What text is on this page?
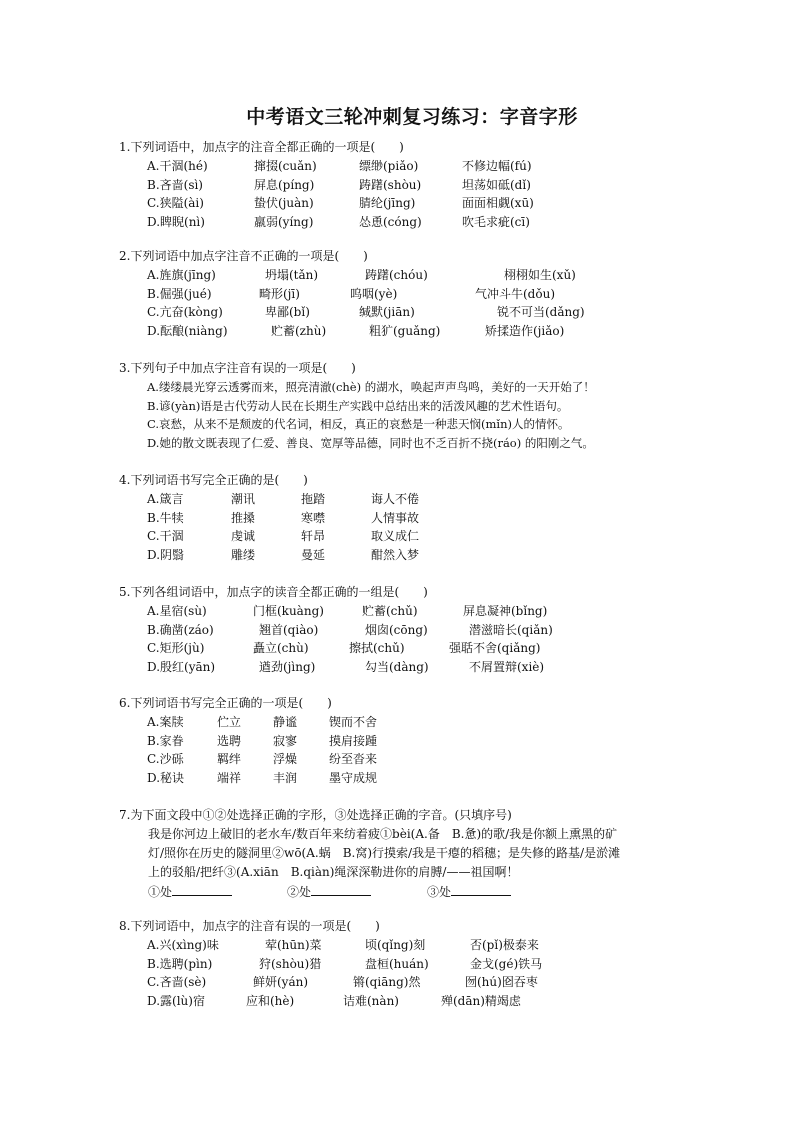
中考语文三轮冲刺复习练习：字音字形
1.下列词语中，加点字的注音全都正确的一项是(　　)
A.干涸(hé)	撺掇(cuǎn)	缥缈(piǎo)	不修边幅(fú)
B.吝啬(sì)	屏息(píng)	踌躇(shòu)	坦荡如砥(dǐ)
C.狭隘(ài)	蛰伏(juàn)	腈纶(jīng)	面面相觑(xū)
D.睥睨(nì)	羸弱(yíng)	怂恿(cóng)	吹毛求疵(cī)
2.下列词语中加点字注音不正确的一项是(　　)
A.旌旗(jīng)	坍塌(tǎn)	踌躇(chóu)	栩栩如生(xǔ)
B.倔强(jué)	畸形(jī)	呜咽(yè)	气冲斗牛(dǒu)
C.亢奋(kòng)	卑鄙(bǐ)	缄默(jiān)	锐不可当(dǎng)
D.酝酿(niàng)	贮蓄(zhù)	粗犷(guǎng)	矫揉造作(jiǎo)
3.下列句子中加点字注音有误的一项是(　　)
A.缕缕晨光穿云透雾而来，照亮清澈(chè) 的湖水，唤起声声鸟鸣，美好的一天开始了！
B.谚(yàn)语是古代劳动人民在长期生产实践中总结出来的活泼风趣的艺术性语句。
C.哀愁，从来不是颓废的代名词，相反，真正的哀愁是一种悲天悯(mǐn)人的情怀。
D.她的散文既表现了仁爱、善良、宽厚等品德，同时也不乏百折不挠(ráo) 的阳刚之气。
4.下列词语书写完全正确的是(　　)
A.箴言	潮讯	拖踏	诲人不倦
B.牛犊	推搡	寒噤	人情事故
C.干涸	虔诚	轩昂	取义成仁
D.阴翳	雕缕	曼延	酣然入梦
5.下列各组词语中，加点字的读音全都正确的一组是(　　)
A.星宿(sù)	门框(kuàng)	贮蓄(chǔ)	屏息凝神(bǐng)
B.确凿(záo)	翘首(qiào)	烟囱(cōng)	潜滋暗长(qiǎn)
C.矩形(jù)	矗立(chù)	擦拭(chǔ)	强聒不舍(qiǎng)
D.殷红(yān)	遒劲(jìng)	勾当(dàng)	不屑置辩(xiè)
6.下列词语书写完全正确的一项是(　　)
A.案牍	伫立	静谧	锲而不舍
B.家眷	选聘	寂寥	摸肩接踵
C.沙砾	羁绊	浮燥	纷至沓来
D.秘诀	端祥	丰润	墨守成规
7.为下面文段中①②处选择正确的字形，③处选择正确的字音。(只填序号)
我是你河边上破旧的老水车/数百年来纺着疲①bèi(A.备　B.惫)的歌/我是你额上熏黑的矿
灯/照你在历史的隧洞里②wō(A.蜗　B.窝)行摸索/我是干瘪的稻穗；是失修的路基/是淤滩
上的驳船/把纤③(A.xiān　B.qiàn)绳深深勒进你的肩膊/——祖国啊！
①处	②处	③处
8.下列词语中，加点字的注音有误的一项是(　　)
A.兴(xìng)味	荤(hūn)菜	顷(qǐng)刻	否(pǐ)极泰来
B.选聘(pìn)	狩(shòu)猎	盘桓(huán)	金戈(gé)铁马
C.吝啬(sè)	鲜妍(yán)	锵(qiāng)然	囫(hú)囵吞枣
D.露(lù)宿	应和(hè)	诘难(nàn)	殚(dān)精竭虑
